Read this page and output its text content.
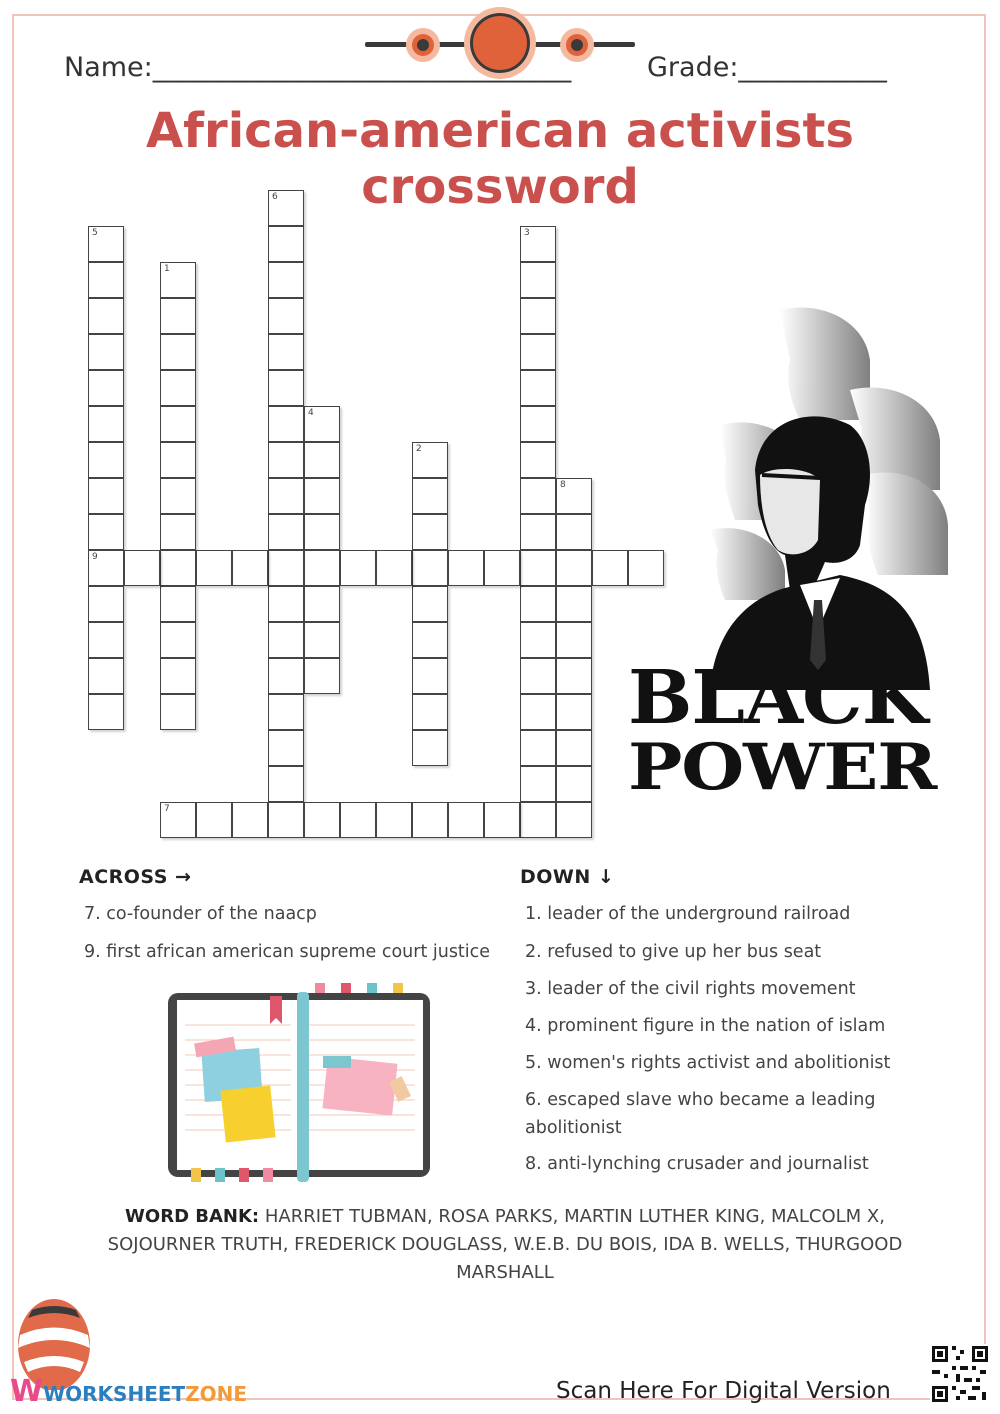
Name:_______________________________	Grade:___________
African-american activists crossword
5
9
1
6
4
2
3
8
7
BLACK
POWER
ACROSS →
7. co-founder of the naacp
9. first african american supreme court justice
DOWN ↓
1. leader of the underground railroad
2. refused to give up her bus seat
3. leader of the civil rights movement
4. prominent figure in the nation of islam
5. women's rights activist and abolitionist
6. escaped slave who became a leading abolitionist
8. anti-lynching crusader and journalist
WORD BANK: HARRIET TUBMAN, ROSA PARKS, MARTIN LUTHER KING, MALCOLM X, SOJOURNER TRUTH, FREDERICK DOUGLASS, W.E.B. DU BOIS, IDA B. WELLS, THURGOOD MARSHALL
WWORKSHEETZONE	Scan Here For Digital Version
